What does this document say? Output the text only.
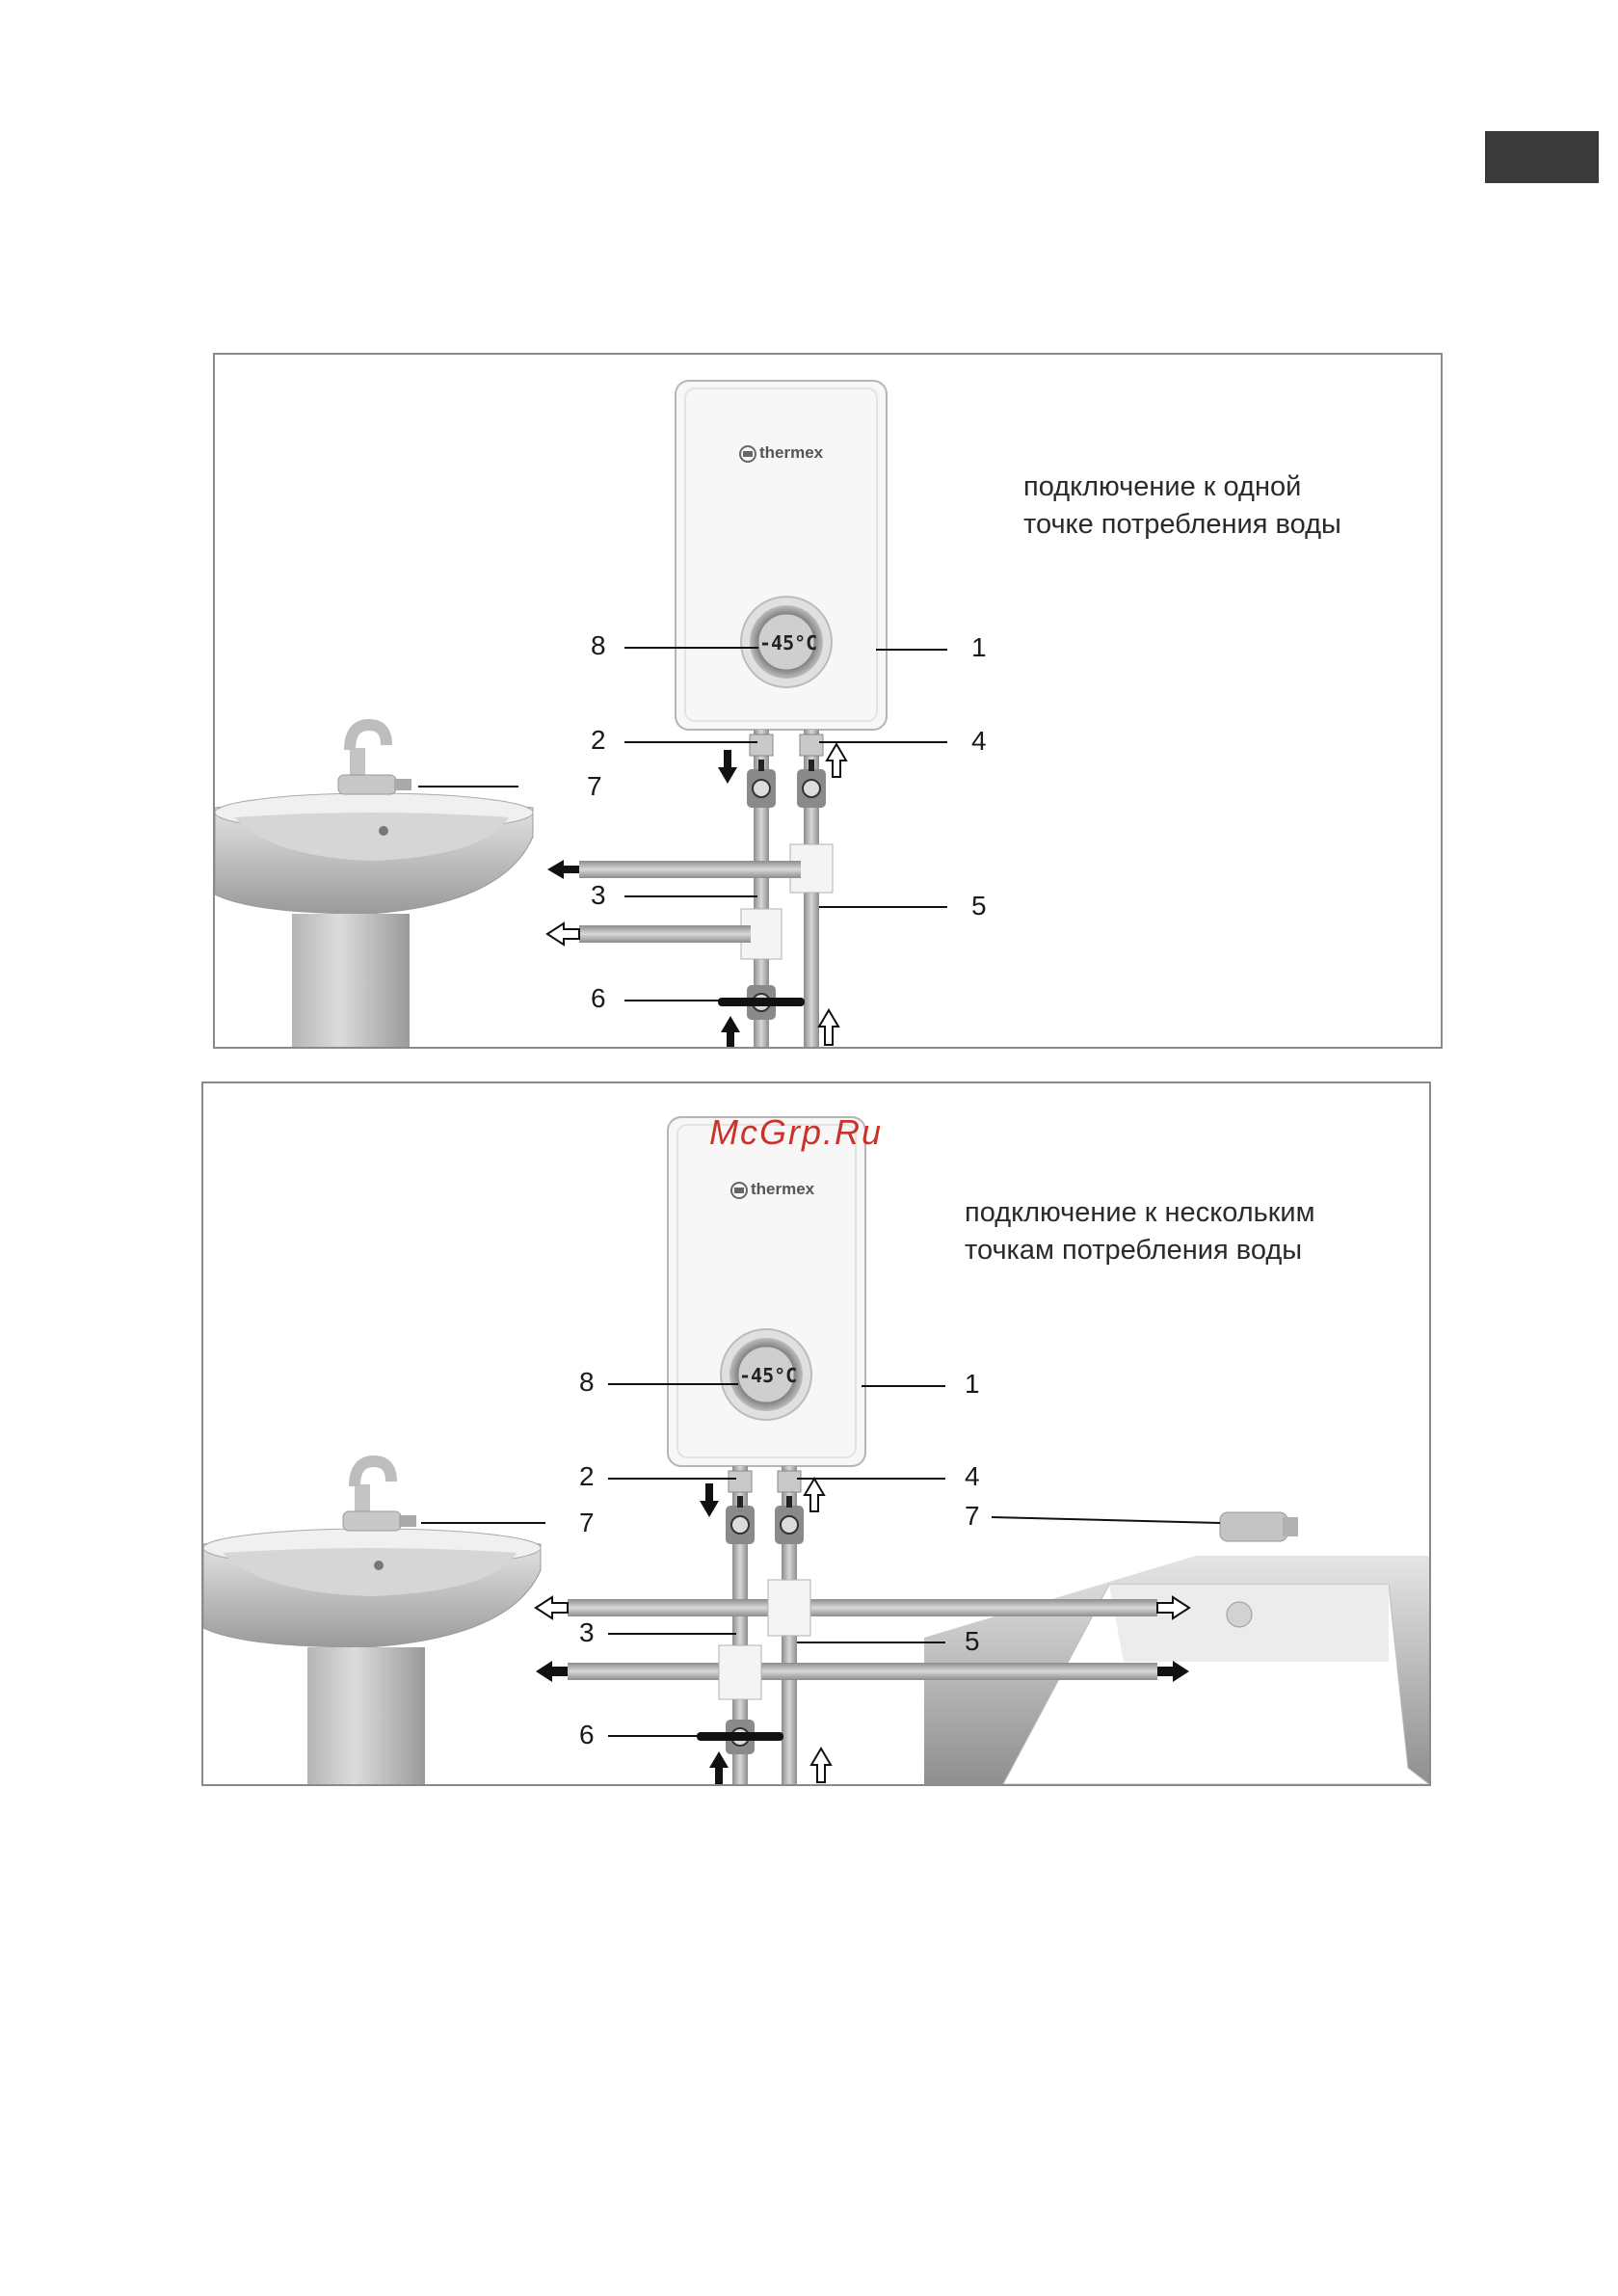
thermex
-45°C
подключение к одной
точке потребления воды
8	1
2	4
7
3	5
6
McGrp.Ru
thermex
-45°C
подключение к нескольким
точкам потребления воды
8	1
2	4
7	7
3	5
6
